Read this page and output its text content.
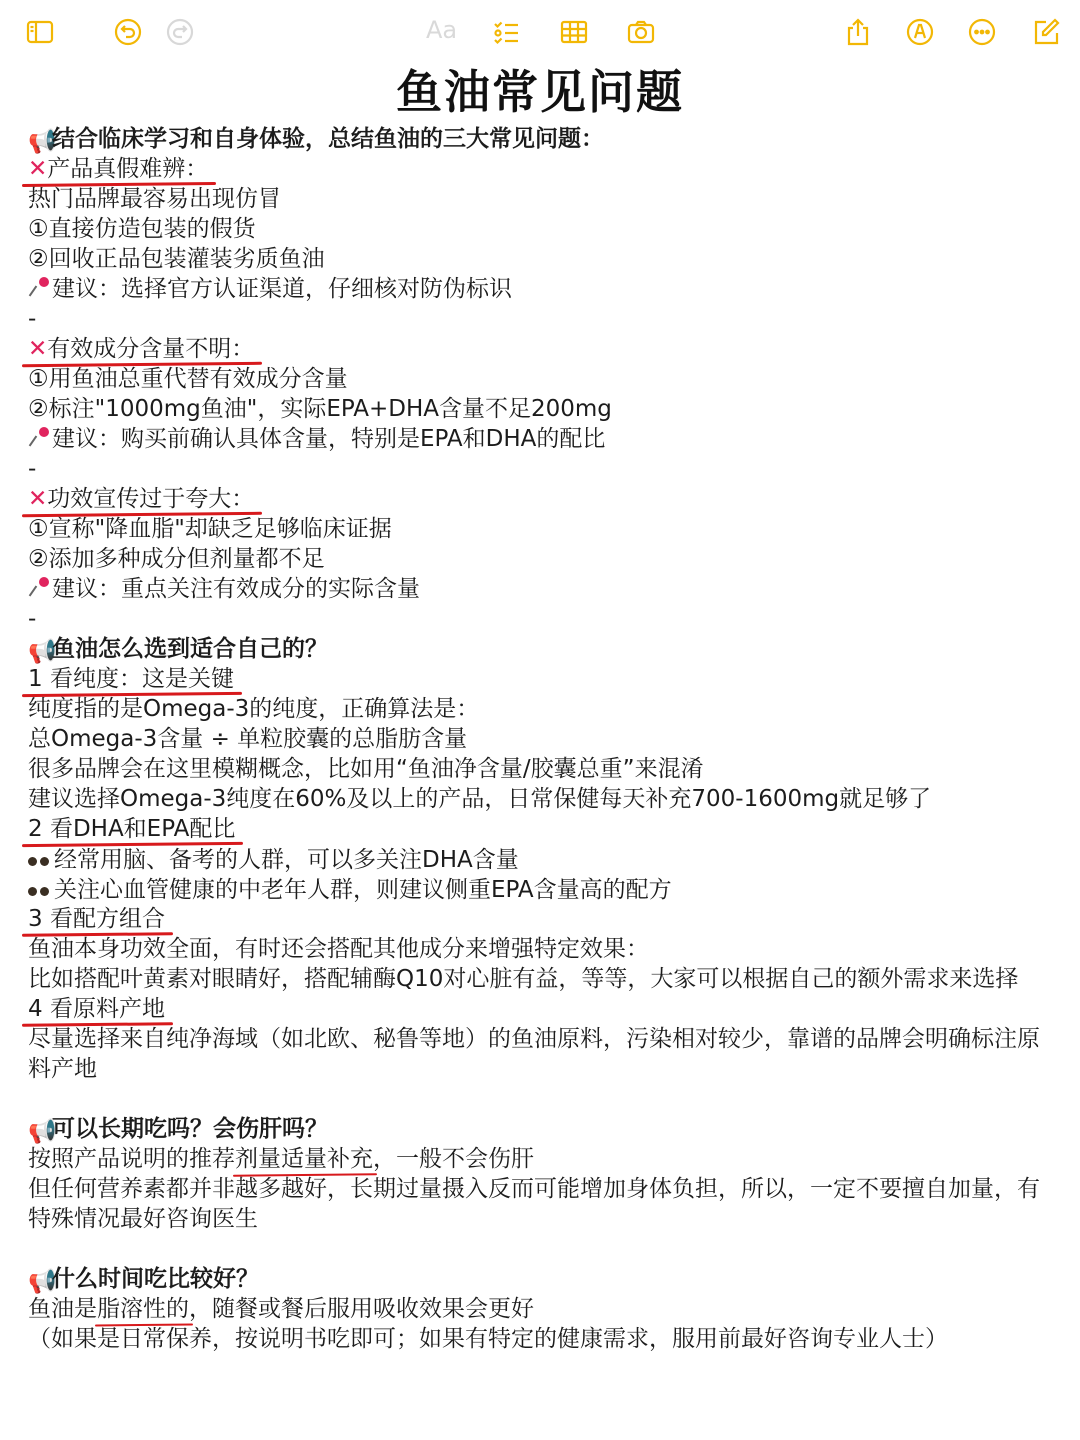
Aa
鱼油常见问题
📢结合临床学习和自身体验，总结鱼油的三大常见问题：
✕产品真假难辨：
热门品牌最容易出现仿冒
①直接仿造包装的假货
②回收正品包装灌装劣质鱼油
建议：选择官方认证渠道，仔细核对防伪标识
-
✕有效成分含量不明：
①用鱼油总重代替有效成分含量
②标注"1000mg鱼油"，实际EPA+DHA含量不足200mg
建议：购买前确认具体含量，特别是EPA和DHA的配比
-
✕功效宣传过于夸大：
①宣称"降血脂"却缺乏足够临床证据
②添加多种成分但剂量都不足
建议：重点关注有效成分的实际含量
-
📢鱼油怎么选到适合自己的？
1 看纯度：这是关键
纯度指的是Omega-3的纯度，正确算法是：
总Omega-3含量 ÷ 单粒胶囊的总脂肪含量
很多品牌会在这里模糊概念，比如用“鱼油净含量/胶囊总重”来混淆
建议选择Omega-3纯度在60%及以上的产品，日常保健每天补充700-1600mg就足够了
2 看DHA和EPA配比
经常用脑、备考的人群，可以多关注DHA含量
关注心血管健康的中老年人群，则建议侧重EPA含量高的配方
3 看配方组合
鱼油本身功效全面，有时还会搭配其他成分来增强特定效果：
比如搭配叶黄素对眼睛好，搭配辅酶Q10对心脏有益，等等，大家可以根据自己的额外需求来选择
4 看原料产地
尽量选择来自纯净海域（如北欧、秘鲁等地）的鱼油原料，污染相对较少，靠谱的品牌会明确标注原料产地
📢可以长期吃吗？会伤肝吗？
按照产品说明的推荐剂量适量补充，一般不会伤肝
但任何营养素都并非越多越好，长期过量摄入反而可能增加身体负担，所以，一定不要擅自加量，有特殊情况最好咨询医生
📢什么时间吃比较好？
鱼油是脂溶性的，随餐或餐后服用吸收效果会更好
（如果是日常保养，按说明书吃即可；如果有特定的健康需求，服用前最好咨询专业人士）
